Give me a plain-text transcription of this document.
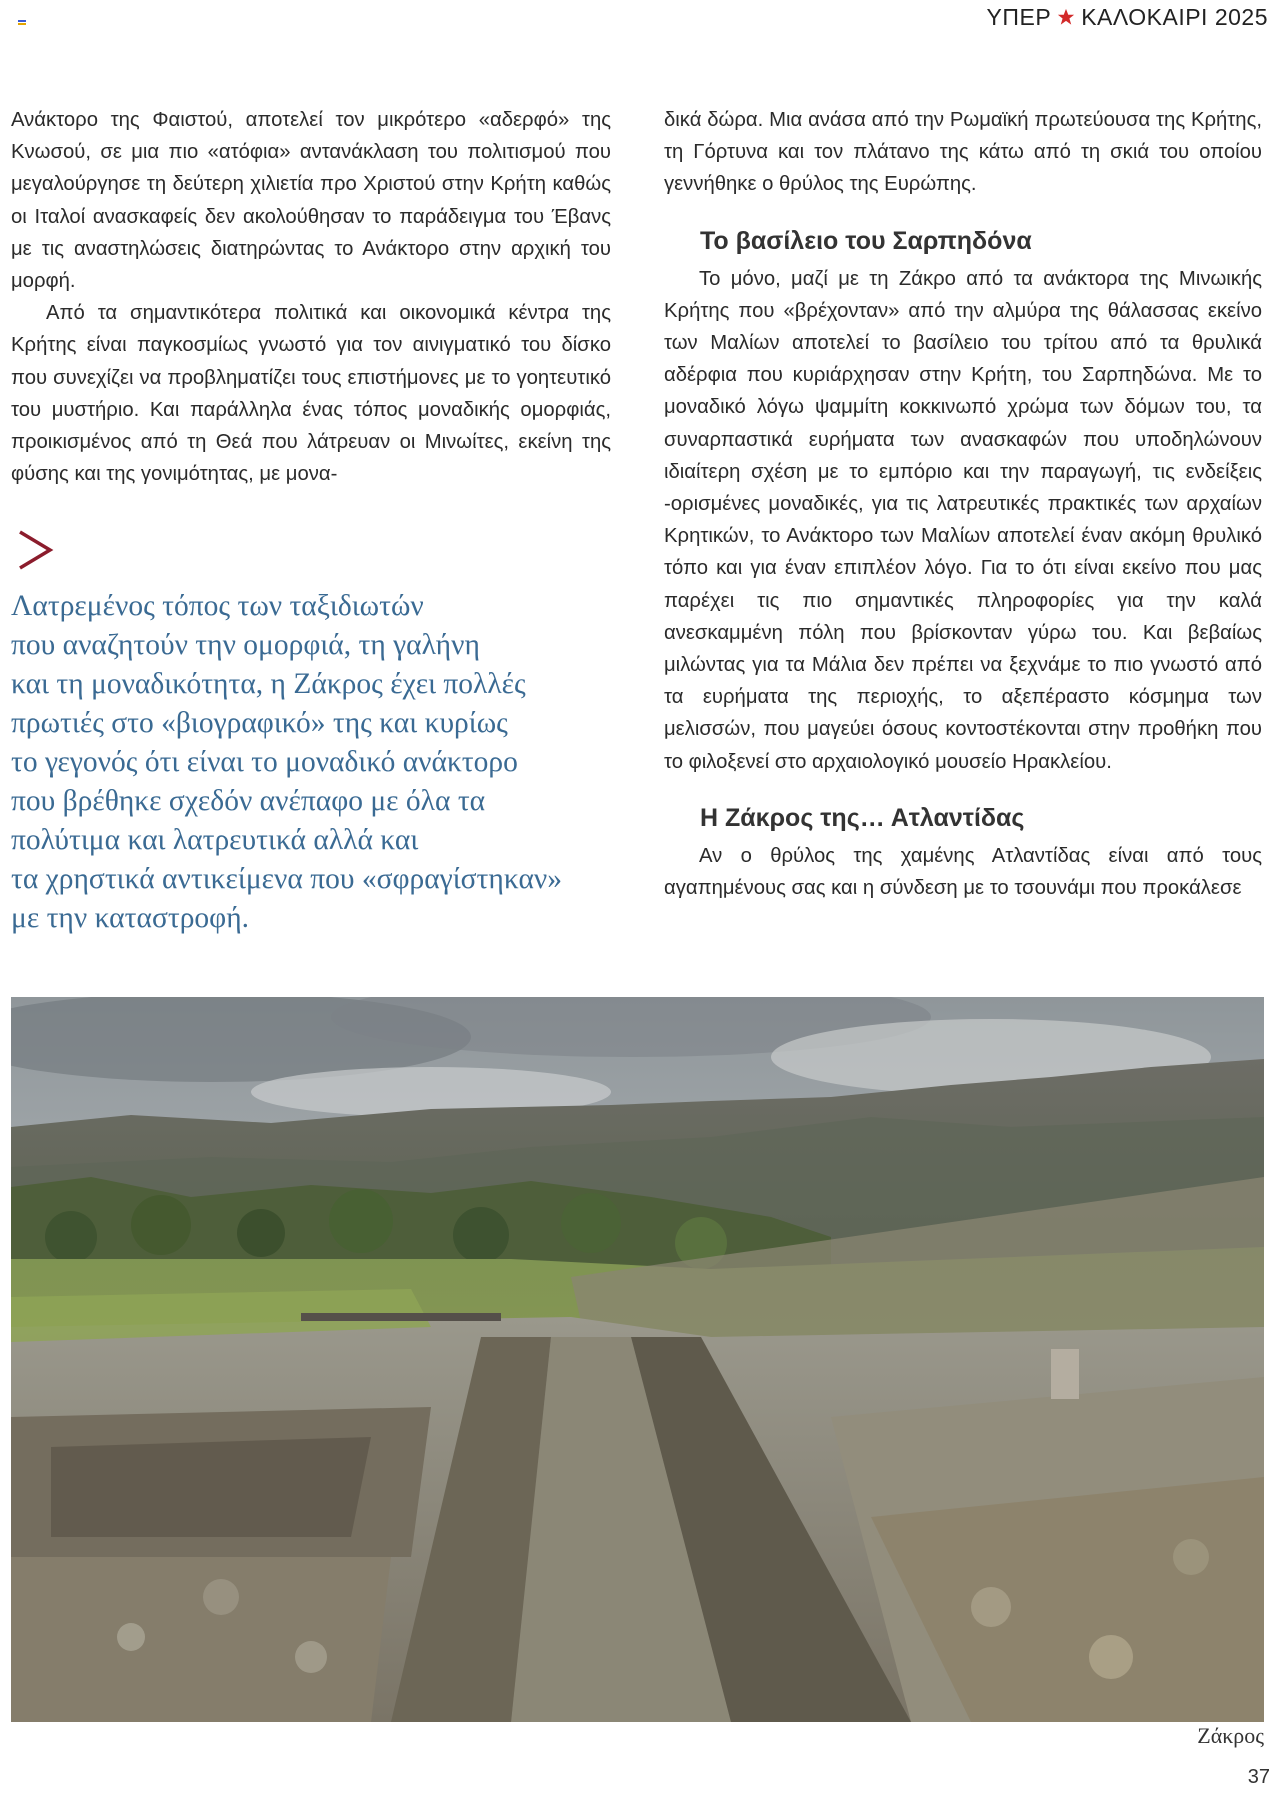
ΥΠΕΡ ΚΑΛΟΚΑΙΡΙ 2025

Ανάκτορο της Φαιστού, αποτελεί τον μικρότερο «αδερφό» της Κνωσού, σε μια πιο «ατόφια» αντανάκλαση του πολιτισμού που μεγαλούργησε τη δεύτερη χιλιετία προ Χριστού στην Κρήτη καθώς οι Ιταλοί ανασκαφείς δεν ακολούθησαν το παράδειγμα του Έβανς με τις αναστηλώσεις διατηρώντας το Ανάκτορο στην αρχική του μορφή.

Από τα σημαντικότερα πολιτικά και οικονομικά κέντρα της Κρήτης είναι παγκοσμίως γνωστό για τον αινιγματικό του δίσκο που συνεχίζει να προβληματίζει τους επιστήμονες με το γοητευτικό του μυστήριο. Και παράλληλα ένας τόπος μοναδικής ομορφιάς, προικισμένος από τη Θεά που λάτρευαν οι Μινωίτες, εκείνη της φύσης και της γονιμότητας, με μονα-

Λατρεμένος τόπος των ταξιδιωτών
που αναζητούν την ομορφιά, τη γαλήνη
και τη μοναδικότητα, η Ζάκρος έχει πολλές
πρωτιές στο «βιογραφικό» της και κυρίως
το γεγονός ότι είναι το μοναδικό ανάκτορο
που βρέθηκε σχεδόν ανέπαφο με όλα τα
πολύτιμα και λατρευτικά αλλά και
τα χρηστικά αντικείμενα που «σφραγίστηκαν»
με την καταστροφή.

δικά δώρα. Μια ανάσα από την Ρωμαϊκή πρωτεύουσα της Κρήτης, τη Γόρτυνα και τον πλάτανο της κάτω από τη σκιά του οποίου γεννήθηκε ο θρύλος της Ευρώπης.

Το βασίλειο του Σαρπηδόνα

Το μόνο, μαζί με τη Ζάκρο από τα ανάκτορα της Μινωικής Κρήτης που «βρέχονταν» από την αλμύρα της θάλασσας εκείνο των Μαλίων αποτελεί το βασίλειο του τρίτου από τα θρυλικά αδέρφια που κυριάρχησαν στην Κρήτη, του Σαρπηδώνα. Με το μοναδικό λόγω ψαμμίτη κοκκινωπό χρώμα των δόμων του, τα συναρπαστικά ευρήματα των ανασκαφών που υποδηλώνουν ιδιαίτερη σχέση με το εμπόριο και την παραγωγή, τις ενδείξεις -ορισμένες μοναδικές, για τις λατρευτικές πρακτικές των αρχαίων Κρητικών, το Ανάκτορο των Μαλίων αποτελεί έναν ακόμη θρυλικό τόπο και για έναν επιπλέον λόγο. Για το ότι είναι εκείνο που μας παρέχει τις πιο σημαντικές πληροφορίες για την καλά ανεσκαμμένη πόλη που βρίσκονταν γύρω του. Και βεβαίως μιλώντας για τα Μάλια δεν πρέπει να ξεχνάμε το πιο γνωστό από τα ευρήματα της περιοχής, το αξεπέραστο κόσμημα των μελισσών, που μαγεύει όσους κοντοστέκονται στην προθήκη που το φιλοξενεί στο αρχαιολογικό μουσείο Ηρακλείου.

Η Ζάκρος της… Ατλαντίδας

Αν ο θρύλος της χαμένης Ατλαντίδας είναι από τους αγαπημένους σας και η σύνδεση με το τσουνάμι που προκάλεσε

Ζάκρος
37
